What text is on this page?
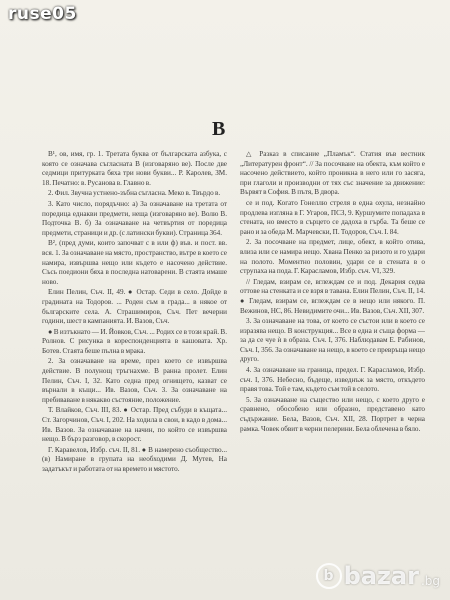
ruse05
B

В¹, ов, имя, гр. 1. Третата буква от българската азбука, с която се означава съгласната В (изговаряно ве). После две седмици притурката бяха три нови букви... Р. Каролев, ЗМ. 18. Печатно: в. Русанова в. Главно в.

2. Фил. Звучна устнено-зъбна съгласна. Меко в. Твърдо в.

3. Като число, порядъчно: а) За означаване на третата от поредица еднакви предмети, неща (изговаряно ве). Волю В. Подточка В. б) За означаване на четвъртия от поредица предмети, страници и др. (с латински букви). Страница 364.

В², (пред думи, които започват с в или ф) във. и пост. вв. вся. 1. За означаване на място, пространство, вътре в което се намира, извършва нещо или където е насочено действие. Съсь поедиони бяха в последна натоварени. В стаята имаше ново.

Елин Пелин, Съч. II, 49. ● Остар. Седи в село. Дойде в градината на Тодоров. ... Роден съм в града... в някое от българските села. А. Страшимиров, Съч. Пет вечерни години, шест в кампанията. И. Вазов, Съч.

● В изтъкнато — И. Йовков, Съч. ... Родих се в този край. В. Ролнов. С рисунка в кореспонденцията в кашовата. Хр. Ботев. Стаята беше пълна в мрака.

2. За означаване на време, през което се извършва действие. В полунощ тръгнахме. В ранна пролет. Елин Пелин, Съч. I, 32. Като седна пред огнището, казват се върнали в къщи... Ив. Вазов, Съч. 3. За означаване на пребиваване в някакво състояние, положение.

Т. Влайков, Съч. III, 83. ● Остар. Пред събуди в къщата... Ст. Загорчинов, Съч. I, 202. На ходила в свои, в кадо в дома... Ив. Вазов. За означаване на начин, по който се извършва нещо. В бърз разговор, в скорост.

Г. Каравелов, Избр. съч. II, 81. ● В намерено съобщество... (в) Намиране в групата на необходими Д. Мутев, На задатъкът и работата от на времето и мястото.

△ Разказ в списание „Пламък“. Статия във вестник „Литературен фронт“. // За посочване на обекта, към който е насочено действието, който проникна в него или го засяга, при глаголи и производни от тях със значение за движение: Вървят в София. В пътя, В двора.

се и под. Когато Гонеллю стреля в една охула, незнайно продлева изгляна в Г. Угаров, ПСЗ, 9. Куршумите попадаха в стената, но вместо в сърцето се дадоха в гърба. Та беше се рано и за обеда М. Марчевски, П. Тодоров, Съч. I. 84.

2. За посочване на предмет, лице, обект, в който отива, влиза или се намира нещо. Хвана Пенко за ризото и го удари на полото. Моментно половин, удари се в стената в о струпаха на пода. Г. Карасламов, Избр. съч. VI, 329.

// Гледам, взирам се, вглеждам се и под. Декария седва оттове на стенката и се взря в тавана. Елин Пелин, Съч. II, 14. ● Гледам, взирам се, вглеждам се в нещо или някого. П. Вежинов, НС, 86. Невидимите очи... Ив. Вазов, Съч. XII, 307.

3. За означаване на това, от което се състои или в което се изразява нещо. В конструкция... Все в една и съща форма — за да се чуе ѝ в образа. Съч. I, 376. Наблюдавам Е. Рабинов, Съч. I, 356. За означаване на нещо, в което се превръща нещо друго.

4. За означаване на граница, предел. Г. Карасламов, Избр. съч. I, 376. Небесно, бъдеще, изведнъж за място, откъдето правя това. Той е там, където съм той в селото.

5. За означаване на същество или нещо, с което друго е сравнено, обособено или образно, представено като съдържание. Бела, Вазов, Съч. XII, 28. Портрет в черна рамка. Човек обвит в черни пелерини. Бела облечена в бяло.

b bazar .bg
